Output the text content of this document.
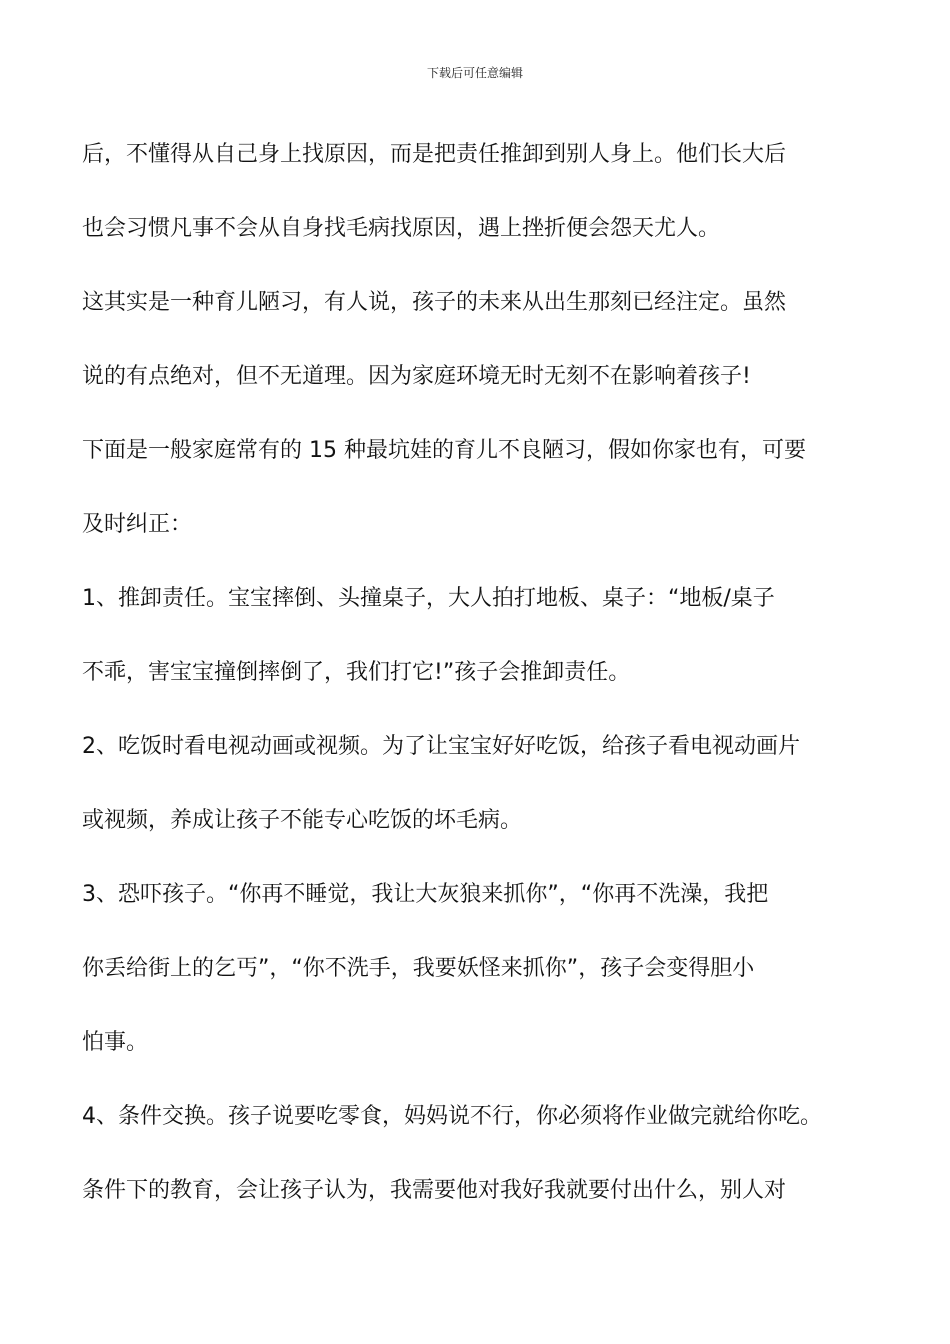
下载后可任意编辑

后，不懂得从自己身上找原因，而是把责任推卸到别人身上。他们长大后

也会习惯凡事不会从自身找毛病找原因，遇上挫折便会怨天尤人。

这其实是一种育儿陋习，有人说，孩子的未来从出生那刻已经注定。虽然

说的有点绝对，但不无道理。因为家庭环境无时无刻不在影响着孩子!

下面是一般家庭常有的 15 种最坑娃的育儿不良陋习，假如你家也有，可要

及时纠正：

1、推卸责任。宝宝摔倒、头撞桌子，大人拍打地板、桌子：“地板/桌子

不乖，害宝宝撞倒摔倒了，我们打它!”孩子会推卸责任。

2、吃饭时看电视动画或视频。为了让宝宝好好吃饭，给孩子看电视动画片

或视频，养成让孩子不能专心吃饭的坏毛病。

3、恐吓孩子。“你再不睡觉，我让大灰狼来抓你”，“你再不洗澡，我把

你丢给街上的乞丐”，“你不洗手，我要妖怪来抓你”，孩子会变得胆小

怕事。

4、条件交换。孩子说要吃零食，妈妈说不行，你必须将作业做完就给你吃。

条件下的教育，会让孩子认为，我需要他对我好我就要付出什么，别人对
